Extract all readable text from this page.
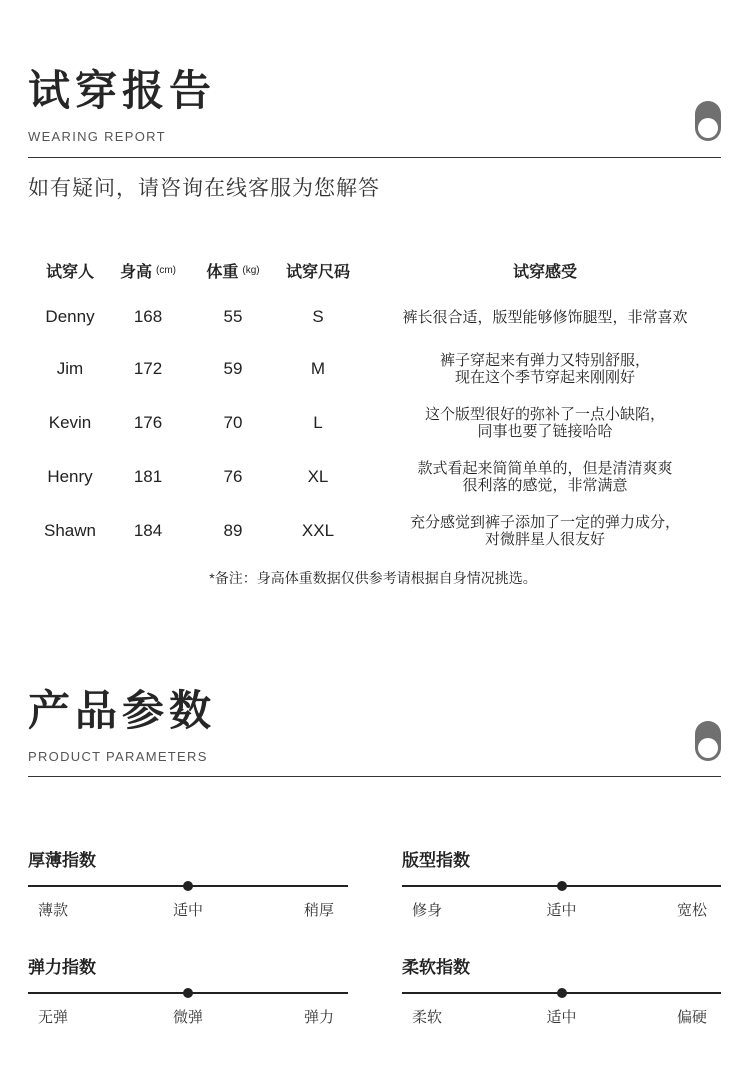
试穿报告
WEARING REPORT
如有疑问，请咨询在线客服为您解答
试穿人 身高 (cm) 体重 (kg) 试穿尺码	试穿感受
Denny	168	55	S	裤长很合适，版型能够修饰腿型，非常喜欢
Jim	172	59	M	裤子穿起来有弹力又特别舒服，
现在这个季节穿起来刚刚好
Kevin	176	70	L	这个版型很好的弥补了一点小缺陷，
同事也要了链接哈哈
Henry	181	76	XL	款式看起来简简单单的，但是清清爽爽
很利落的感觉，非常满意
Shawn	184	89	XXL	充分感觉到裤子添加了一定的弹力成分，
对微胖星人很友好
*备注：身高体重数据仅供参考请根据自身情况挑选。
产品参数
PRODUCT PARAMETERS
厚薄指数
薄款	适中	稍厚
版型指数
修身	适中	宽松
弹力指数
无弹	微弹	弹力
柔软指数
柔软	适中	偏硬
